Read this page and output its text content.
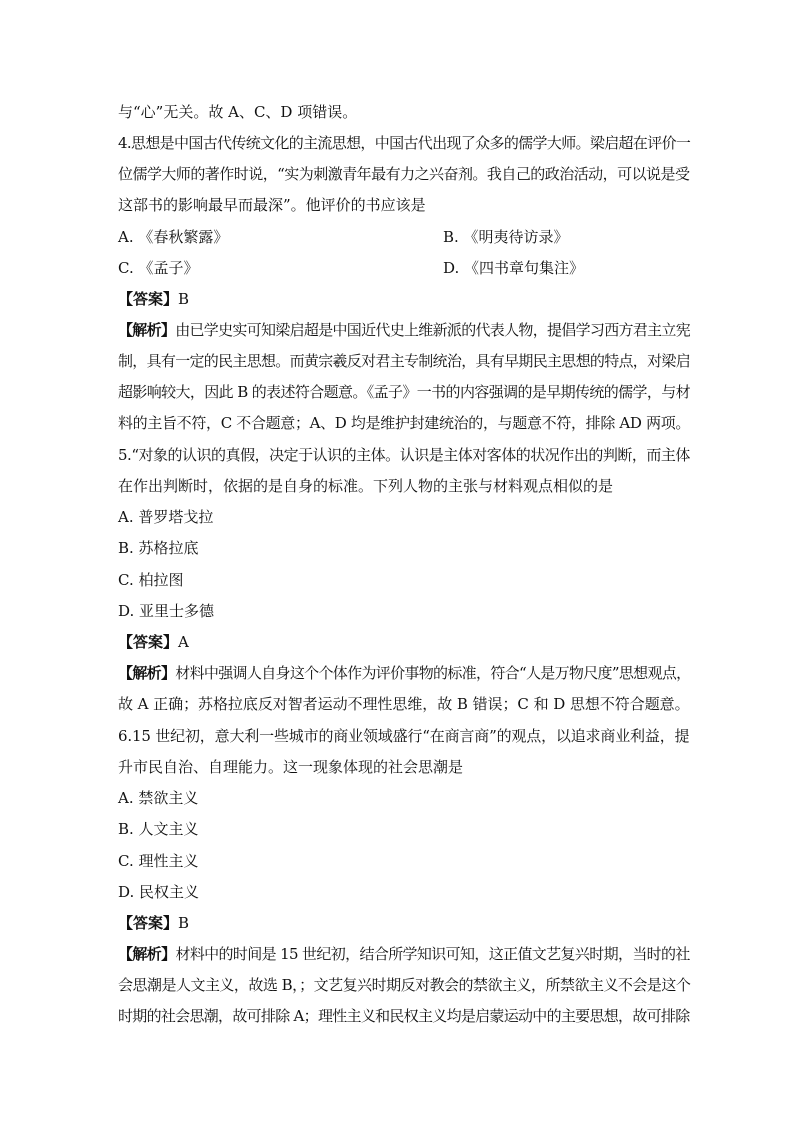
与“心”无关。故 A、C、D 项错误。
4.思想是中国古代传统文化的主流思想，中国古代出现了众多的儒学大师。梁启超在评价一
位儒学大师的著作时说，“实为刺激青年最有力之兴奋剂。我自己的政治活动，可以说是受
这部书的影响最早而最深”。他评价的书应该是
A. 《春秋繁露》	B. 《明夷待访录》
C. 《孟子》	D. 《四书章句集注》
【答案】B
【解析】由已学史实可知梁启超是中国近代史上维新派的代表人物，提倡学习西方君主立宪
制，具有一定的民主思想。而黄宗羲反对君主专制统治，具有早期民主思想的特点，对梁启
超影响较大，因此 B 的表述符合题意。《孟子》一书的内容强调的是早期传统的儒学，与材
料的主旨不符，C 不合题意；A、D 均是维护封建统治的，与题意不符，排除 AD 两项。
5.“对象的认识的真假，决定于认识的主体。认识是主体对客体的状况作出的判断，而主体
在作出判断时，依据的是自身的标准。下列人物的主张与材料观点相似的是
A. 普罗塔戈拉
B. 苏格拉底
C. 柏拉图
D. 亚里士多德
【答案】A
【解析】材料中强调人自身这个个体作为评价事物的标准，符合“人是万物尺度”思想观点，
故 A 正确；苏格拉底反对智者运动不理性思维，故 B 错误；C 和 D 思想不符合题意。
6.15 世纪初，意大利一些城市的商业领域盛行“在商言商”的观点，以追求商业利益，提
升市民自治、自理能力。这一现象体现的社会思潮是
A. 禁欲主义
B. 人文主义
C. 理性主义
D. 民权主义
【答案】B
【解析】材料中的时间是 15 世纪初，结合所学知识可知，这正值文艺复兴时期，当时的社
会思潮是人文主义，故选 B，；文艺复兴时期反对教会的禁欲主义，所禁欲主义不会是这个
时期的社会思潮，故可排除 A；理性主义和民权主义均是启蒙运动中的主要思想，故可排除
